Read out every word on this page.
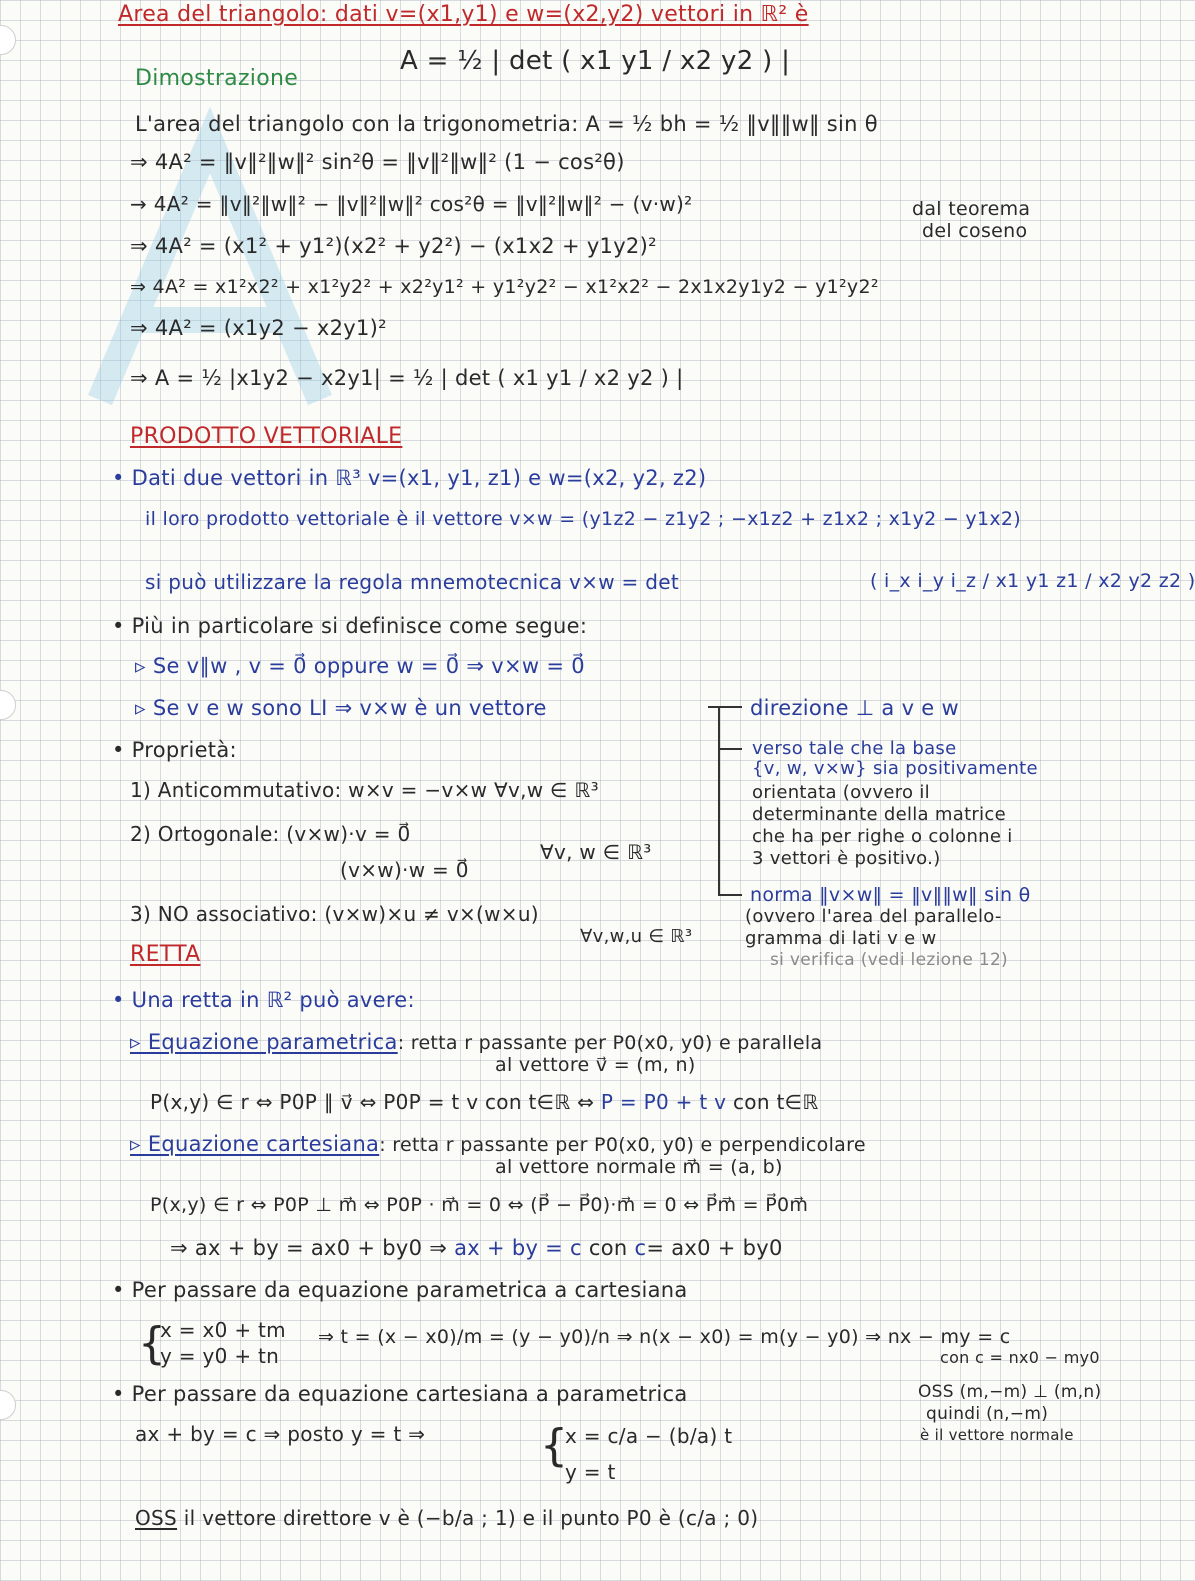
Area del triangolo: dati v=(x1,y1) e w=(x2,y2) vettori in ℝ² è
A = ½ | det ( x1 y1 / x2 y2 ) |
Dimostrazione
L'area del triangolo con la trigonometria: A = ½ bh = ½ ‖v‖‖w‖ sin θ
⇒ 4A² = ‖v‖²‖w‖² sin²θ = ‖v‖²‖w‖² (1 − cos²θ)
→ 4A² = ‖v‖²‖w‖² − ‖v‖²‖w‖² cos²θ = ‖v‖²‖w‖² − (v·w)²	dal teorema
del coseno
⇒ 4A² = (x1² + y1²)(x2² + y2²) − (x1x2 + y1y2)²
⇒ 4A² = x1²x2² + x1²y2² + x2²y1² + y1²y2² − x1²x2² − 2x1x2y1y2 − y1²y2²
⇒ 4A² = (x1y2 − x2y1)²
⇒ A = ½ |x1y2 − x2y1| = ½ | det ( x1 y1 / x2 y2 ) |
PRODOTTO VETTORIALE
• Dati due vettori in ℝ³ v=(x1, y1, z1) e w=(x2, y2, z2)
il loro prodotto vettoriale è il vettore v×w = (y1z2 − z1y2 ; −x1z2 + z1x2 ; x1y2 − y1x2)
si può utilizzare la regola mnemotecnica v×w = det	( i_x i_y i_z / x1 y1 z1 / x2 y2 z2 )
• Più in particolare si definisce come segue:
▹ Se v∥w , v = 0⃗ oppure w = 0⃗ ⇒ v×w = 0⃗
▹ Se v e w sono LI ⇒ v×w è un vettore	direzione ⊥ a v e w
verso tale che la base
{v, w, v×w} sia positivamente
orientata (ovvero il
determinante della matrice
che ha per righe o colonne i
3 vettori è positivo.)
norma ‖v×w‖ = ‖v‖‖w‖ sin θ
(ovvero l'area del parallelo-
gramma di lati v e w
si verifica (vedi lezione 12)
• Proprietà:
1) Anticommutativo: w×v = −v×w ∀v,w ∈ ℝ³
2) Ortogonale: (v×w)·v = 0⃗
(v×w)·w = 0⃗
∀v, w ∈ ℝ³
3) NO associativo: (v×w)×u ≠ v×(w×u)
∀v,w,u ∈ ℝ³
RETTA
• Una retta in ℝ² può avere:
▹ Equazione parametrica: retta r passante per P0(x0, y0) e parallela
al vettore v⃗ = (m, n)
P(x,y) ∈ r ⇔ P0P ∥ v⃗ ⇔ P0P = t v con t∈ℝ ⇔ P = P0 + t v con t∈ℝ
▹ Equazione cartesiana: retta r passante per P0(x0, y0) e perpendicolare
al vettore normale m⃗ = (a, b)
P(x,y) ∈ r ⇔ P0P ⊥ m⃗ ⇔ P0P · m⃗ = 0 ⇔ (P⃗ − P⃗0)·m⃗ = 0 ⇔ P⃗m⃗ = P⃗0m⃗
⇒ ax + by = ax0 + by0 ⇒ ax + by = c con c= ax0 + by0
• Per passare da equazione parametrica a cartesiana
{
x = x0 + tm
y = y0 + tn
⇒ t = (x − x0)/m = (y − y0)/n ⇒ n(x − x0) = m(y − y0) ⇒ nx − my = c
con c = nx0 − my0
• Per passare da equazione cartesiana a parametrica	OSS (m,−m) ⊥ (m,n)
quindi (n,−m)
è il vettore normale
ax + by = c ⇒ posto y = t ⇒	{
x = c/a − (b/a) t
y = t
OSS il vettore direttore v è (−b/a ; 1) e il punto P0 è (c/a ; 0)
